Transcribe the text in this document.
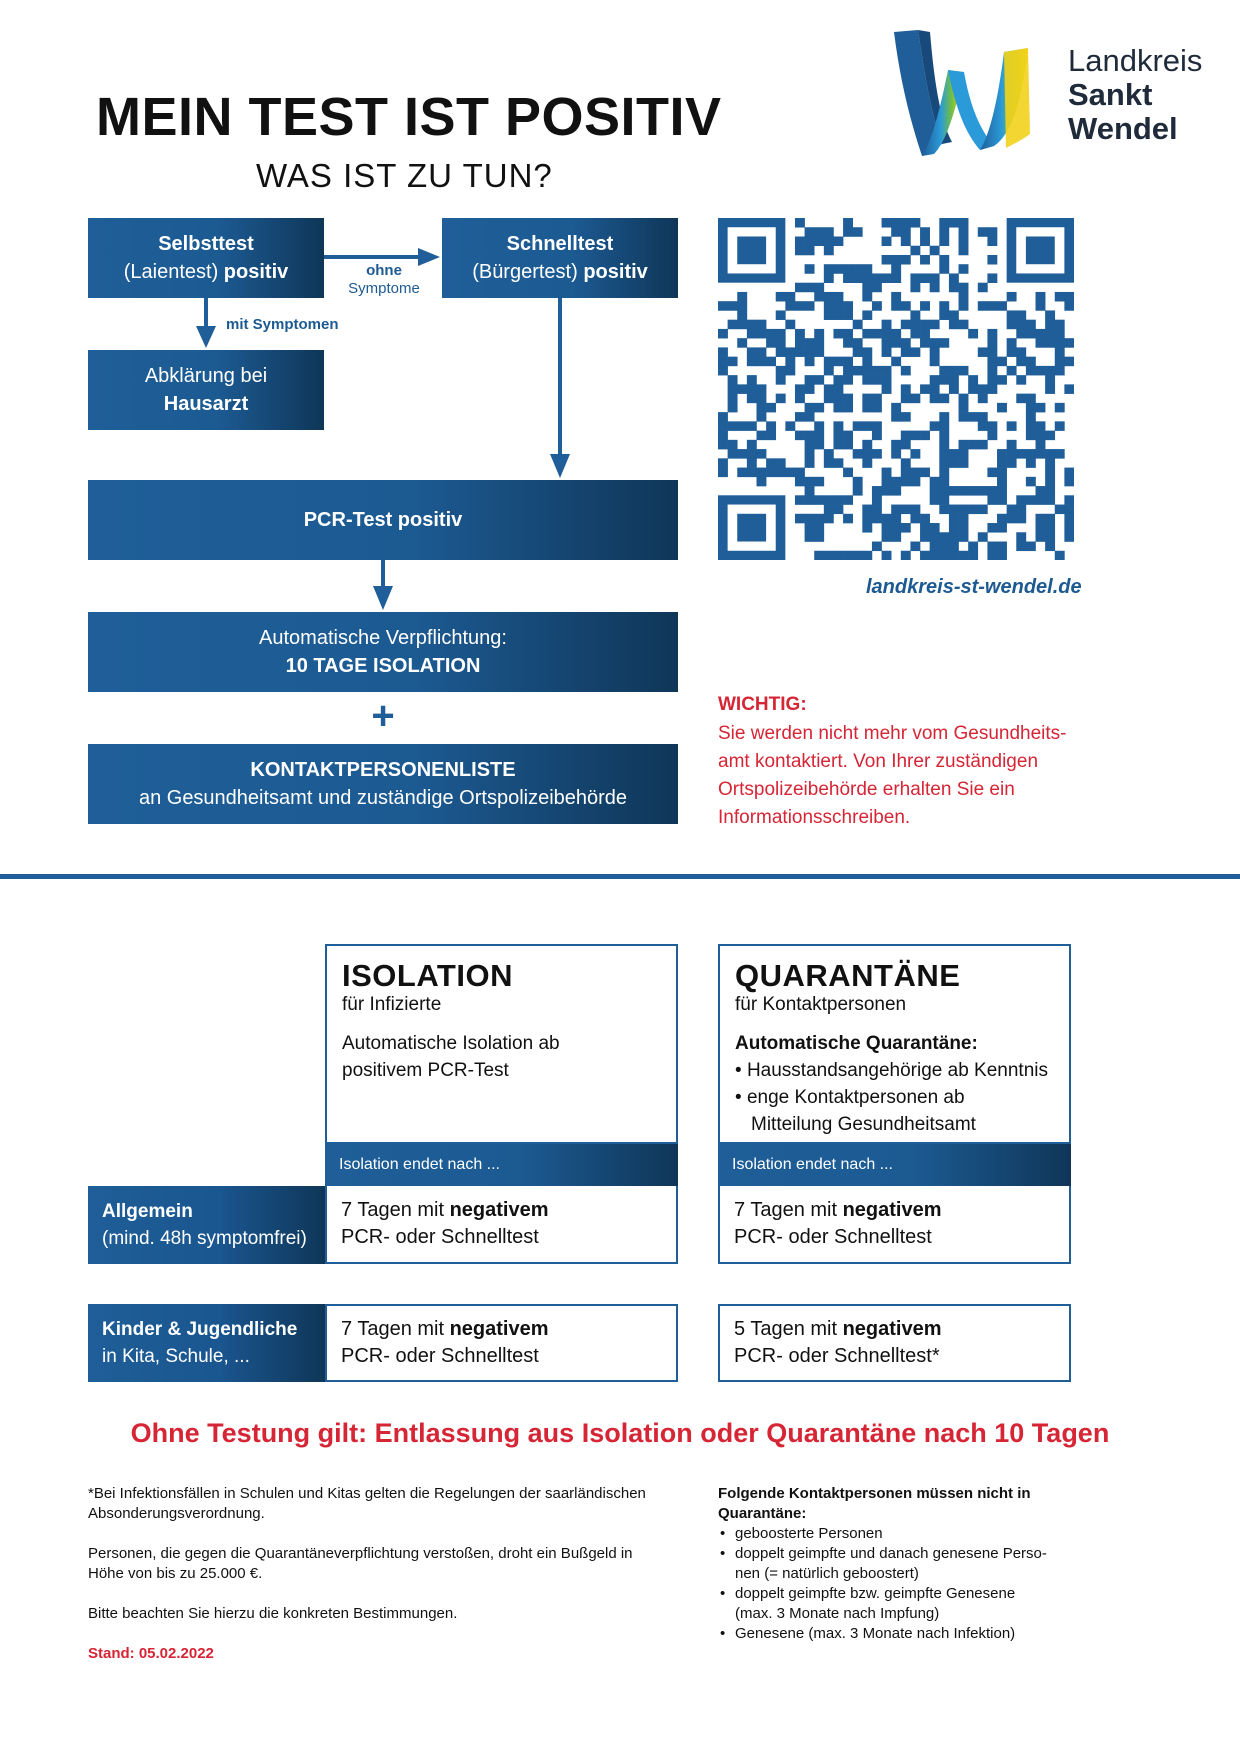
MEIN TEST IST POSITIV
WAS IST ZU TUN?
Landkreis
Sankt
Wendel
Selbsttest
(Laientest) positiv
Schnelltest
(Bürgertest) positiv
Abklärung bei
Hausarzt
PCR-Test positiv
Automatische Verpflichtung:
10 TAGE ISOLATION
+
KONTAKTPERSONENLISTE
an Gesundheitsamt und zuständige Ortspolizeibehörde
ohne
Symptome
mit Symptomen
landkreis-st-wendel.de
WICHTIG:
Sie werden nicht mehr vom Gesundheits-
amt kontaktiert. Von Ihrer zuständigen
Ortspolizeibehörde erhalten Sie ein
Informationsschreiben.
ISOLATION
für Infizierte
Automatische Isolation ab
positivem PCR-Test
Isolation endet nach ...
QUARANTÄNE
für Kontaktpersonen
Automatische Quarantäne:
• Hausstandsangehörige ab Kenntnis
• enge Kontaktpersonen ab
Mitteilung Gesundheitsamt
Isolation endet nach ...
Allgemein
(mind. 48h symptomfrei)
7 Tagen mit negativem
PCR- oder Schnelltest
7 Tagen mit negativem
PCR- oder Schnelltest
Kinder & Jugendliche
in Kita, Schule, ...
7 Tagen mit negativem
PCR- oder Schnelltest
5 Tagen mit negativem
PCR- oder Schnelltest*
Ohne Testung gilt: Entlassung aus Isolation oder Quarantäne nach 10 Tagen

*Bei Infektionsfällen in Schulen und Kitas gelten die Regelungen der saarländischen
Absonderungsverordnung.

Personen, die gegen die Quarantäneverpflichtung verstoßen, droht ein Bußgeld in
Höhe von bis zu 25.000 €.

Bitte beachten Sie hierzu die konkreten Bestimmungen.

Stand: 05.02.2022

Folgende Kontaktpersonen müssen nicht in
Quarantäne:
• geboosterte Personen
• doppelt geimpfte und danach genesene Perso-
nen (= natürlich geboostert)
• doppelt geimpfte bzw. geimpfte Genesene
(max. 3 Monate nach Impfung)
• Genesene (max. 3 Monate nach Infektion)
